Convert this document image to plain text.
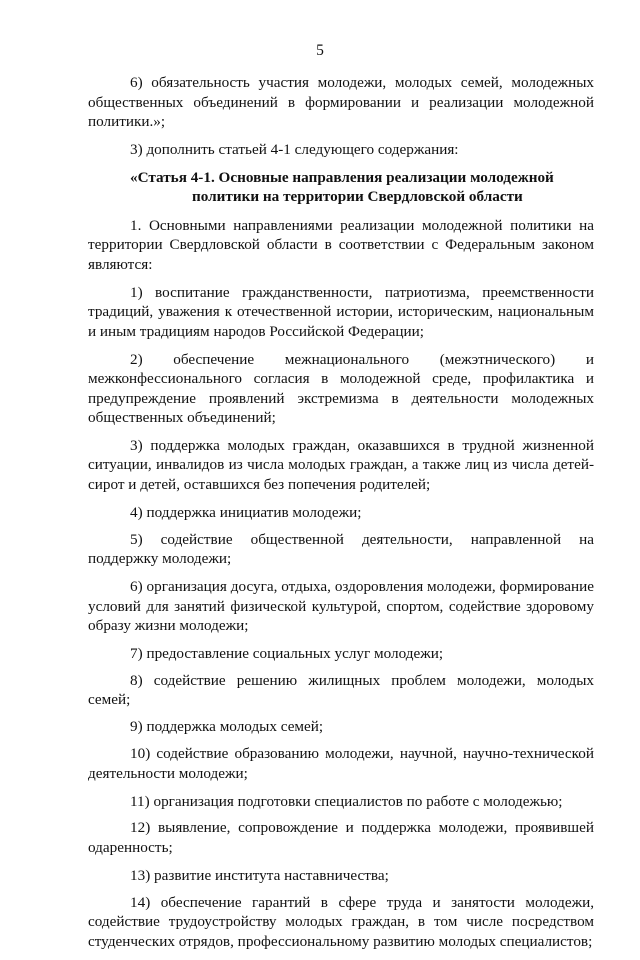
5

6) обязательность участия молодежи, молодых семей, молодежных общественных объединений в формировании и реализации молодежной политики.»;

3) дополнить статьей 4-1 следующего содержания:

«Статья 4-1. Основные направления реализации молодежной
политики на территории Свердловской области

1. Основными направлениями реализации молодежной политики на территории Свердловской области в соответствии с Федеральным законом являются:

1) воспитание гражданственности, патриотизма, преемственности традиций, уважения к отечественной истории, историческим, национальным и иным традициям народов Российской Федерации;

2) обеспечение межнационального (межэтнического) и межконфессионального согласия в молодежной среде, профилактика и предупреждение проявлений экстремизма в деятельности молодежных общественных объединений;

3) поддержка молодых граждан, оказавшихся в трудной жизненной ситуации, инвалидов из числа молодых граждан, а также лиц из числа детей-сирот и детей, оставшихся без попечения родителей;

4) поддержка инициатив молодежи;

5) содействие общественной деятельности, направленной на поддержку молодежи;

6) организация досуга, отдыха, оздоровления молодежи, формирование условий для занятий физической культурой, спортом, содействие здоровому образу жизни молодежи;

7) предоставление социальных услуг молодежи;

8) содействие решению жилищных проблем молодежи, молодых семей;

9) поддержка молодых семей;

10) содействие образованию молодежи, научной, научно-технической деятельности молодежи;

11) организация подготовки специалистов по работе с молодежью;

12) выявление, сопровождение и поддержка молодежи, проявившей одаренность;

13) развитие института наставничества;

14) обеспечение гарантий в сфере труда и занятости молодежи, содействие трудоустройству молодых граждан, в том числе посредством студенческих отрядов, профессиональному развитию молодых специалистов;
